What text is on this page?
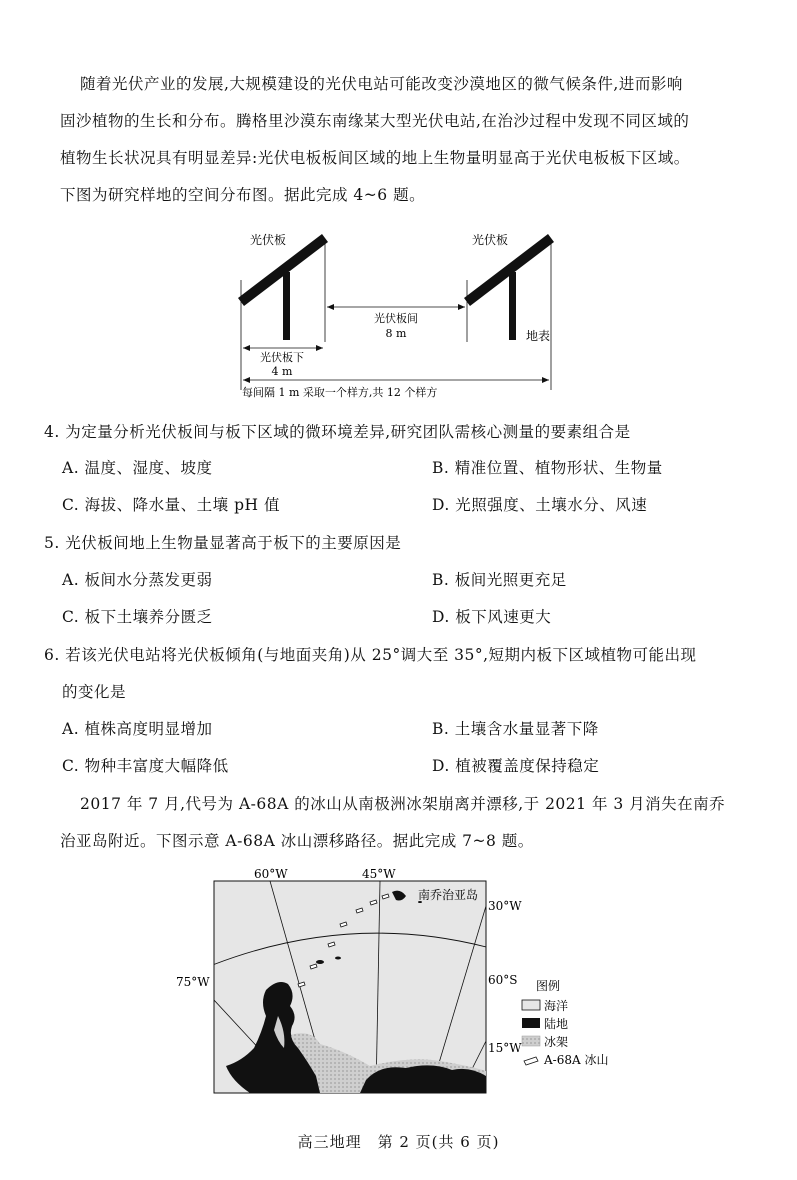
随着光伏产业的发展,大规模建设的光伏电站可能改变沙漠地区的微气候条件,进而影响
固沙植物的生长和分布。腾格里沙漠东南缘某大型光伏电站,在治沙过程中发现不同区域的
植物生长状况具有明显差异:光伏电板板间区域的地上生物量明显高于光伏电板板下区域。
下图为研究样地的空间分布图。据此完成 4~6 题。
光伏板	光伏板
地表
光伏板间
8 m
光伏板下
4 m
每间隔 1 m 采取一个样方,共 12 个样方
4. 为定量分析光伏板间与板下区域的微环境差异,研究团队需核心测量的要素组合是
A. 温度、湿度、坡度	B. 精准位置、植物形状、生物量
C. 海拔、降水量、土壤 pH 值	D. 光照强度、土壤水分、风速
5. 光伏板间地上生物量显著高于板下的主要原因是
A. 板间水分蒸发更弱	B. 板间光照更充足
C. 板下土壤养分匮乏	D. 板下风速更大
6. 若该光伏电站将光伏板倾角(与地面夹角)从 25°调大至 35°,短期内板下区域植物可能出现
的变化是
A. 植株高度明显增加	B. 土壤含水量显著下降
C. 物种丰富度大幅降低	D. 植被覆盖度保持稳定
2017 年 7 月,代号为 A-68A 的冰山从南极洲冰架崩离并漂移,于 2021 年 3 月消失在南乔
治亚岛附近。下图示意 A-68A 冰山漂移路径。据此完成 7~8 题。
60°W	45°W
南乔治亚岛
30°W
75°W	60°S
15°W
图例
海洋
陆地
冰架
A-68A 冰山
高三地理　第 2 页(共 6 页)
